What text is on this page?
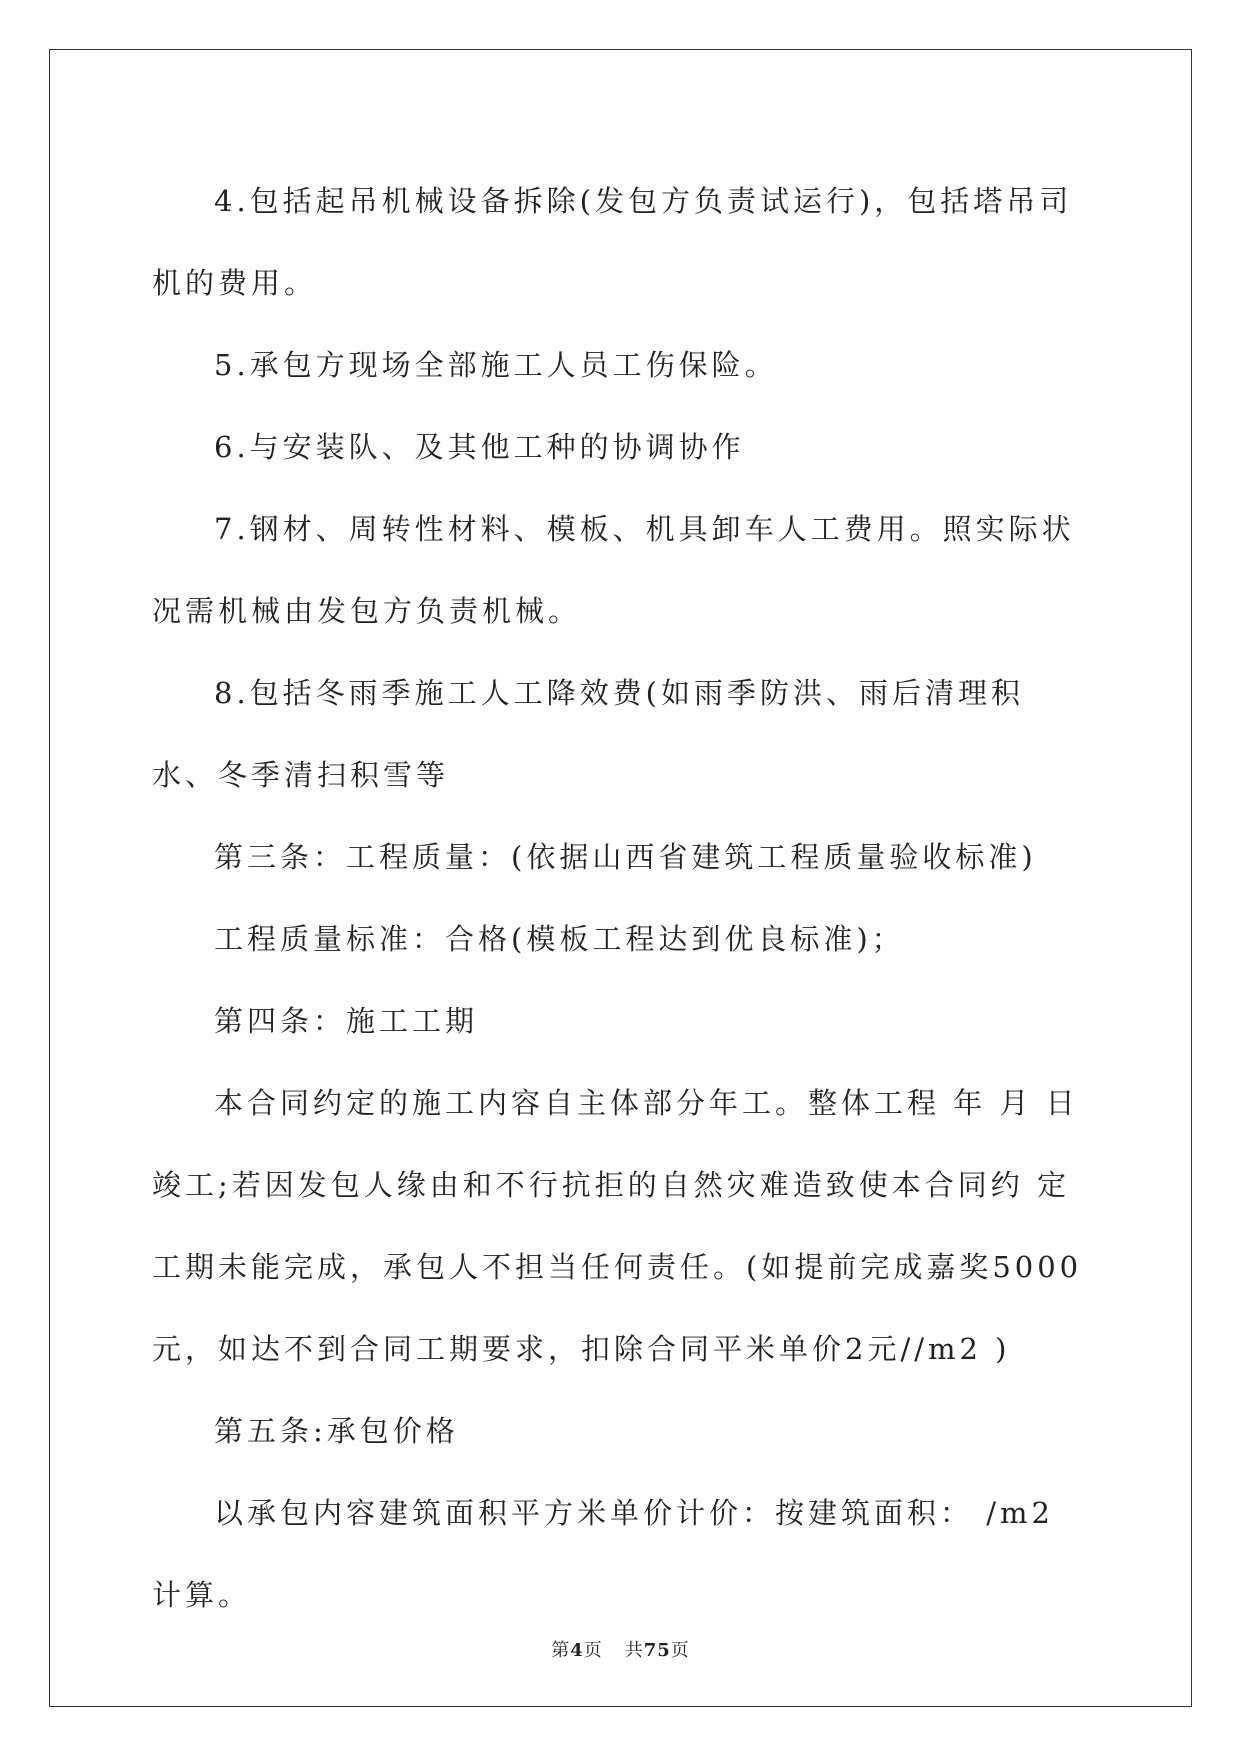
4.包括起吊机械设备拆除(发包方负责试运行)，包括塔吊司机的费用。

5.承包方现场全部施工人员工伤保险。

6.与安装队、及其他工种的协调协作

7.钢材、周转性材料、模板、机具卸车人工费用。照实际状况需机械由发包方负责机械。

8.包括冬雨季施工人工降效费(如雨季防洪、雨后清理积水、冬季清扫积雪等

第三条：工程质量：(依据山西省建筑工程质量验收标准)

工程质量标准：合格(模板工程达到优良标准)；

第四条：施工工期

本合同约定的施工内容自主体部分年工。整体工程 年 月 日竣工;若因发包人缘由和不行抗拒的自然灾难造致使本合同约 定工期未能完成，承包人不担当任何责任。(如提前完成嘉奖5000元，如达不到合同工期要求，扣除合同平米单价2元//m2 )

第五条:承包价格

以承包内容建筑面积平方米单价计价：按建筑面积： /m2 计算。

第4页 共75页
